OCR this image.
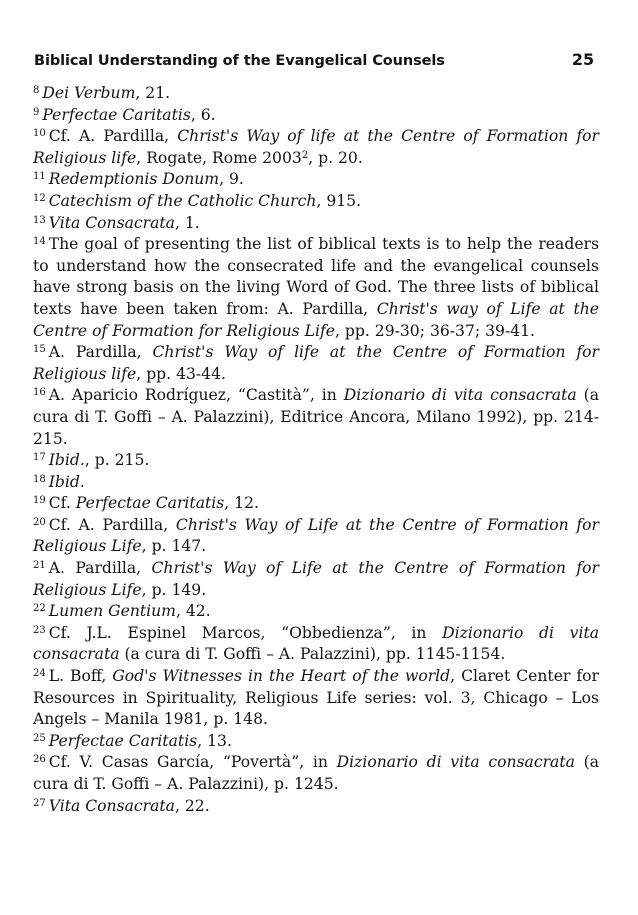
Biblical Understanding of the Evangelical Counsels	25

$^8$ Dei Verbum, 21.

$^9$ Perfectae Caritatis, 6.

$^{10}$ Cf. A. Pardilla, Christ's Way of life at the Centre of Formation for Religious life, Rogate, Rome 2003$^2$, p. 20.

$^{11}$ Redemptionis Donum, 9.

$^{12}$ Catechism of the Catholic Church, 915.

$^{13}$ Vita Consacrata, 1.

$^{14}$ The goal of presenting the list of biblical texts is to help the readers to understand how the consecrated life and the evangelical counsels have strong basis on the living Word of God. The three lists of biblical texts have been taken from: A. Pardilla, Christ's way of Life at the Centre of Formation for Religious Life, pp. 29-30; 36-37; 39-41.

$^{15}$ A. Pardilla, Christ's Way of life at the Centre of Formation for Religious life, pp. 43-44.

$^{16}$ A. Aparicio Rodríguez, “Castità”, in Dizionario di vita consacrata (a cura di T. Goffi – A. Palazzini), Editrice Ancora, Milano 1992), pp. 214-215.

$^{17}$ Ibid., p. 215.

$^{18}$ Ibid.

$^{19}$ Cf. Perfectae Caritatis, 12.

$^{20}$ Cf. A. Pardilla, Christ's Way of Life at the Centre of Formation for Religious Life, p. 147.

$^{21}$ A. Pardilla, Christ's Way of Life at the Centre of Formation for Religious Life, p. 149.

$^{22}$ Lumen Gentium, 42.

$^{23}$ Cf. J.L. Espinel Marcos, “Obbedienza”, in Dizionario di vita consacrata (a cura di T. Goffi – A. Palazzini), pp. 1145-1154.

$^{24}$ L. Boff, God's Witnesses in the Heart of the world, Claret Center for Resources in Spirituality, Religious Life series: vol. 3, Chicago – Los Angels – Manila 1981, p. 148.

$^{25}$ Perfectae Caritatis, 13.

$^{26}$ Cf. V. Casas García, “Povertà”, in Dizionario di vita consacrata (a cura di T. Goffi – A. Palazzini), p. 1245.

$^{27}$ Vita Consacrata, 22.
